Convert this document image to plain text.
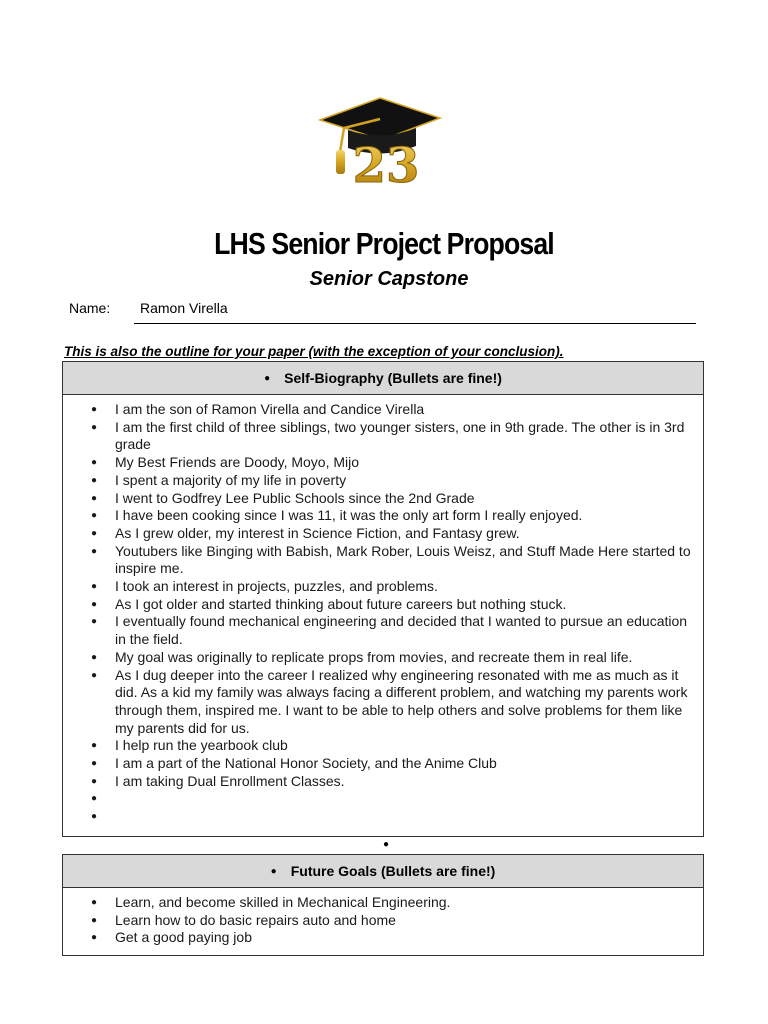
23
LHS Senior Project Proposal
Senior Capstone
Name: Ramon Virella
This is also the outline for your paper (with the exception of your conclusion).
● Self-Biography (Bullets are fine!)
● I am the son of Ramon Virella and Candice Virella
● I am the first child of three siblings, two younger sisters, one in 9th grade. The other is in 3rd grade
● My Best Friends are Doody, Moyo, Mijo
● I spent a majority of my life in poverty
● I went to Godfrey Lee Public Schools since the 2nd Grade
● I have been cooking since I was 11, it was the only art form I really enjoyed.
● As I grew older, my interest in Science Fiction, and Fantasy grew.
● Youtubers like Binging with Babish, Mark Rober, Louis Weisz, and Stuff Made Here started to inspire me.
● I took an interest in projects, puzzles, and problems.
● As I got older and started thinking about future careers but nothing stuck.
● I eventually found mechanical engineering and decided that I wanted to pursue an education in the field.
● My goal was originally to replicate props from movies, and recreate them in real life.
● As I dug deeper into the career I realized why engineering resonated with me as much as it did. As a kid my family was always facing a different problem, and watching my parents work through them, inspired me. I want to be able to help others and solve problems for them like my parents did for us.
● I help run the yearbook club
● I am a part of the National Honor Society, and the Anime Club
● I am taking Dual Enrollment Classes.
●
●
●
● Future Goals (Bullets are fine!)
● Learn, and become skilled in Mechanical Engineering.
● Learn how to do basic repairs auto and home
● Get a good paying job
